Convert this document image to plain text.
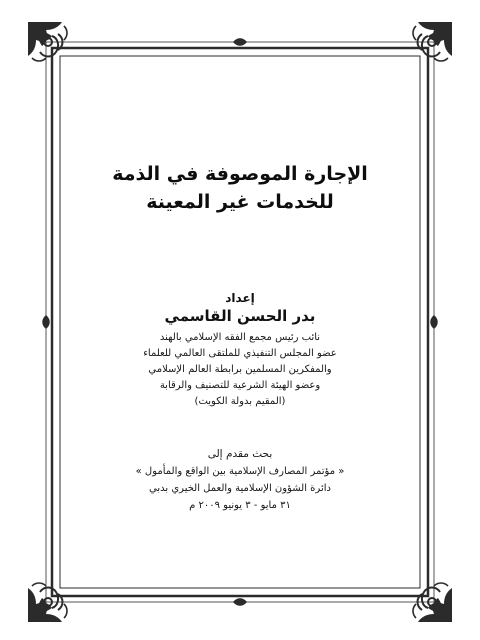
الإجارة الموصوفة في الذمة
للخدمات غير المعينة
إعداد
بدر الحسن القاسمي
نائب رئيس مجمع الفقه الإسلامي بالهند
عضو المجلس التنفيذي للملتقى العالمي للعلماء
والمفكرين المسلمين برابطة العالم الإسلامي
وعضو الهيئة الشرعية للتصنيف والرقابة
(المقيم بدولة الكويت)
بحث مقدم إلى
« مؤتمر المصارف الإسلامية بين الواقع والمأمول »
دائرة الشؤون الإسلامية والعمل الخيري بدبي
٣١ مايو - ٣ يونيو ٢٠٠٩ م
